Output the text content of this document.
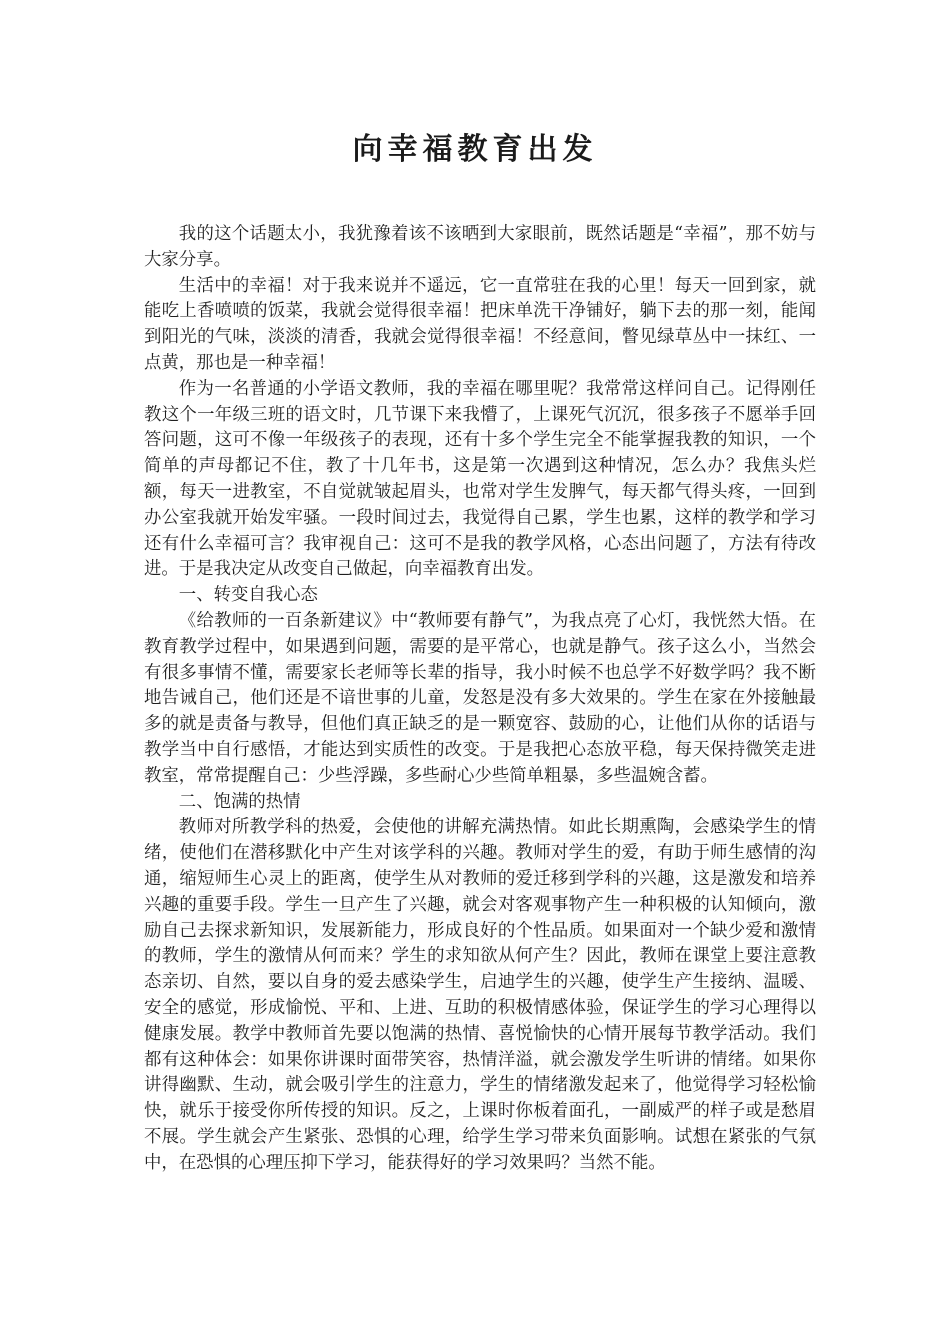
向幸福教育出发

我的这个话题太小，我犹豫着该不该晒到大家眼前，既然话题是“幸福”，那不妨与大家分享。

生活中的幸福！对于我来说并不遥远，它一直常驻在我的心里！每天一回到家，就能吃上香喷喷的饭菜，我就会觉得很幸福！把床单洗干净铺好，躺下去的那一刻，能闻到阳光的气味，淡淡的清香，我就会觉得很幸福！不经意间，瞥见绿草丛中一抹红、一点黄，那也是一种幸福！

作为一名普通的小学语文教师，我的幸福在哪里呢？我常常这样问自己。记得刚任教这个一年级三班的语文时，几节课下来我懵了，上课死气沉沉，很多孩子不愿举手回答问题，这可不像一年级孩子的表现，还有十多个学生完全不能掌握我教的知识，一个简单的声母都记不住，教了十几年书，这是第一次遇到这种情况，怎么办？我焦头烂额，每天一进教室，不自觉就皱起眉头，也常对学生发脾气，每天都气得头疼，一回到办公室我就开始发牢骚。一段时间过去，我觉得自己累，学生也累，这样的教学和学习还有什么幸福可言？我审视自己：这可不是我的教学风格，心态出问题了，方法有待改进。于是我决定从改变自己做起，向幸福教育出发。

一、转变自我心态

《给教师的一百条新建议》中“教师要有静气”，为我点亮了心灯，我恍然大悟。在教育教学过程中，如果遇到问题，需要的是平常心，也就是静气。孩子这么小，当然会有很多事情不懂，需要家长老师等长辈的指导，我小时候不也总学不好数学吗？我不断地告诫自己，他们还是不谙世事的儿童，发怒是没有多大效果的。学生在家在外接触最多的就是责备与教导，但他们真正缺乏的是一颗宽容、鼓励的心，让他们从你的话语与教学当中自行感悟，才能达到实质性的改变。于是我把心态放平稳，每天保持微笑走进教室，常常提醒自己：少些浮躁，多些耐心少些简单粗暴，多些温婉含蓄。

二、饱满的热情

教师对所教学科的热爱，会使他的讲解充满热情。如此长期熏陶，会感染学生的情绪，使他们在潜移默化中产生对该学科的兴趣。教师对学生的爱，有助于师生感情的沟通，缩短师生心灵上的距离，使学生从对教师的爱迁移到学科的兴趣，这是激发和培养兴趣的重要手段。学生一旦产生了兴趣，就会对客观事物产生一种积极的认知倾向，激励自己去探求新知识，发展新能力，形成良好的个性品质。如果面对一个缺少爱和激情的教师，学生的激情从何而来？学生的求知欲从何产生？因此，教师在课堂上要注意教态亲切、自然，要以自身的爱去感染学生，启迪学生的兴趣，使学生产生接纳、温暖、安全的感觉，形成愉悦、平和、上进、互助的积极情感体验，保证学生的学习心理得以健康发展。教学中教师首先要以饱满的热情、喜悦愉快的心情开展每节教学活动。我们都有这种体会：如果你讲课时面带笑容，热情洋溢，就会激发学生听讲的情绪。如果你讲得幽默、生动，就会吸引学生的注意力，学生的情绪激发起来了，他觉得学习轻松愉快，就乐于接受你所传授的知识。反之，上课时你板着面孔，一副威严的样子或是愁眉不展。学生就会产生紧张、恐惧的心理，给学生学习带来负面影响。试想在紧张的气氛中，在恐惧的心理压抑下学习，能获得好的学习效果吗？当然不能。
